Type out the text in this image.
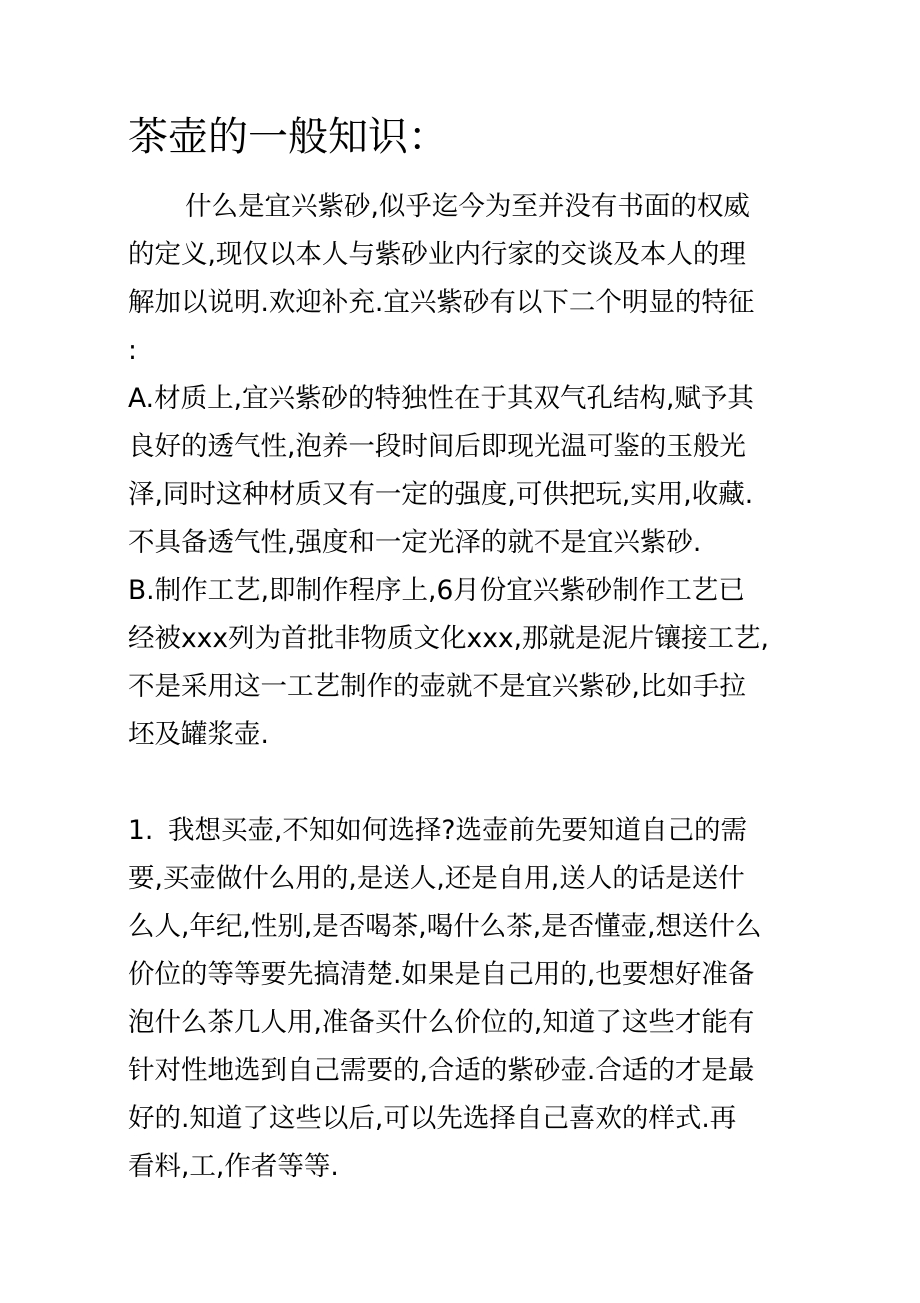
茶壶的一般知识：
什么是宜兴紫砂,似乎迄今为至并没有书面的权威
的定义,现仅以本人与紫砂业内行家的交谈及本人的理
解加以说明.欢迎补充.宜兴紫砂有以下二个明显的特征
:
A.材质上,宜兴紫砂的特独性在于其双气孔结构,赋予其
良好的透气性,泡养一段时间后即现光温可鉴的玉般光
泽,同时这种材质又有一定的强度,可供把玩,实用,收藏.
不具备透气性,强度和一定光泽的就不是宜兴紫砂.
B.制作工艺,即制作程序上,6月份宜兴紫砂制作工艺已
经被xxx列为首批非物质文化xxx,那就是泥片镶接工艺,
不是采用这一工艺制作的壶就不是宜兴紫砂,比如手拉
坯及罐浆壶.
1. 我想买壶,不知如何选择?选壶前先要知道自己的需
要,买壶做什么用的,是送人,还是自用,送人的话是送什
么人,年纪,性别,是否喝茶,喝什么茶,是否懂壶,想送什么
价位的等等要先搞清楚.如果是自己用的,也要想好准备
泡什么茶几人用,准备买什么价位的,知道了这些才能有
针对性地选到自己需要的,合适的紫砂壶.合适的才是最
好的.知道了这些以后,可以先选择自己喜欢的样式.再
看料,工,作者等等.
